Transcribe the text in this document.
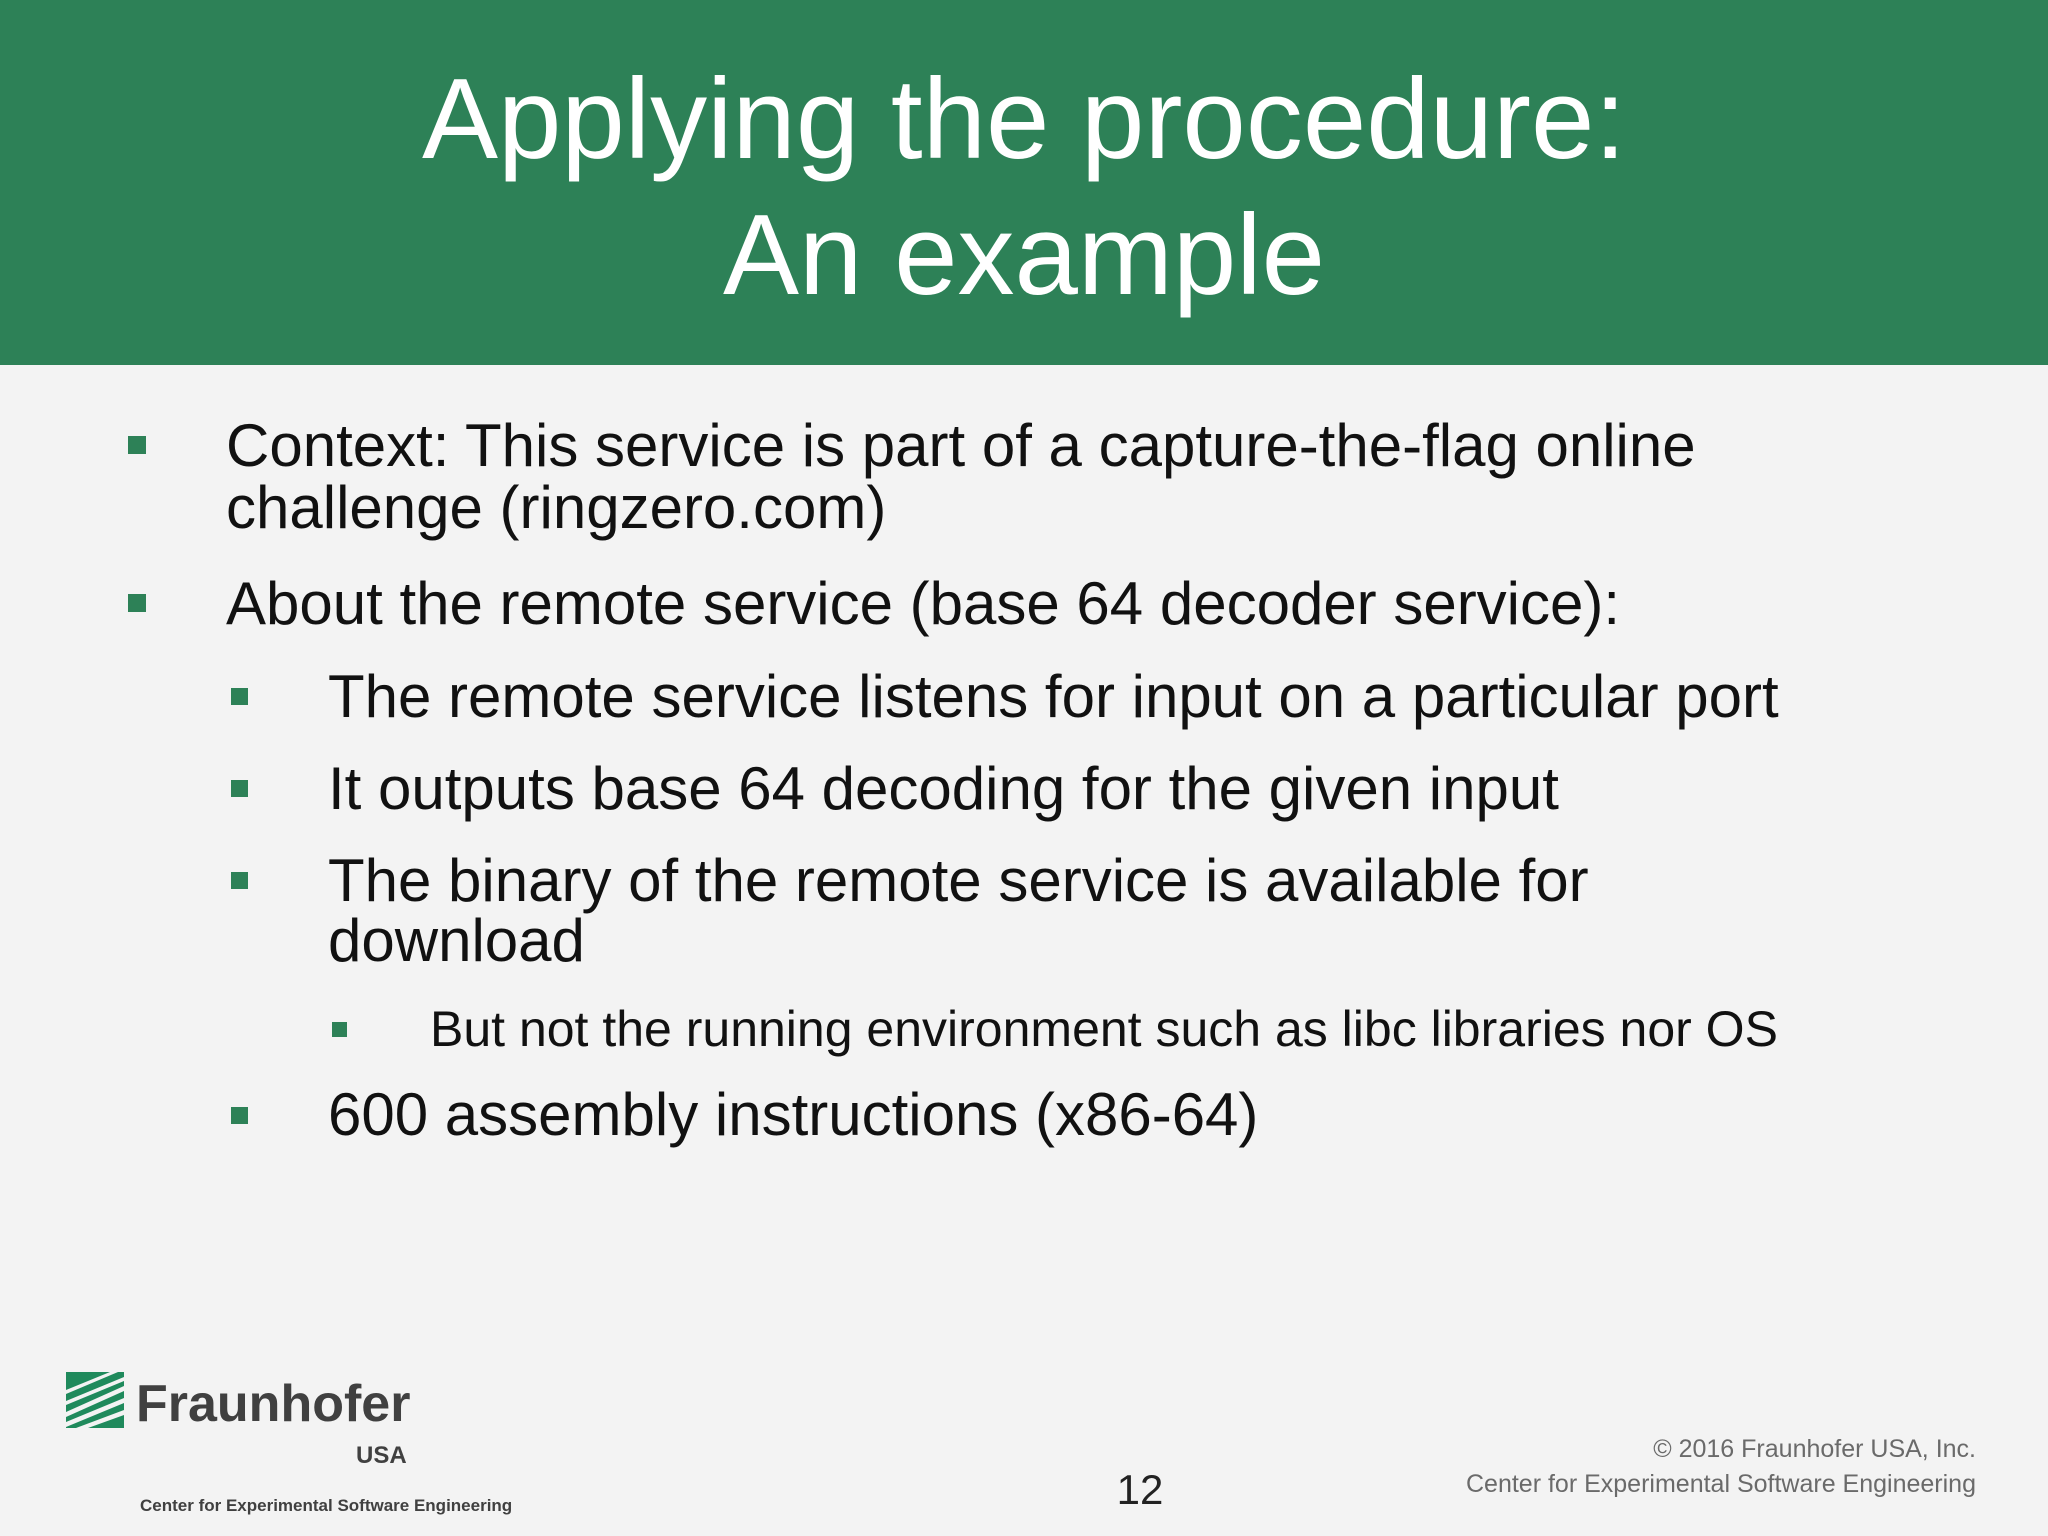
Applying the procedure:
An example
Context: This service is part of a capture-the-flag online
challenge (ringzero.com)
About the remote service (base 64 decoder service):
The remote service listens for input on a particular port
It outputs base 64 decoding for the given input
The binary of the remote service is available for
download
But not the running environment such as libc libraries nor OS
600 assembly instructions (x86-64)
Fraunhofer
USA
Center for Experimental Software Engineering	12
© 2016 Fraunhofer USA, Inc.
Center for Experimental Software Engineering
